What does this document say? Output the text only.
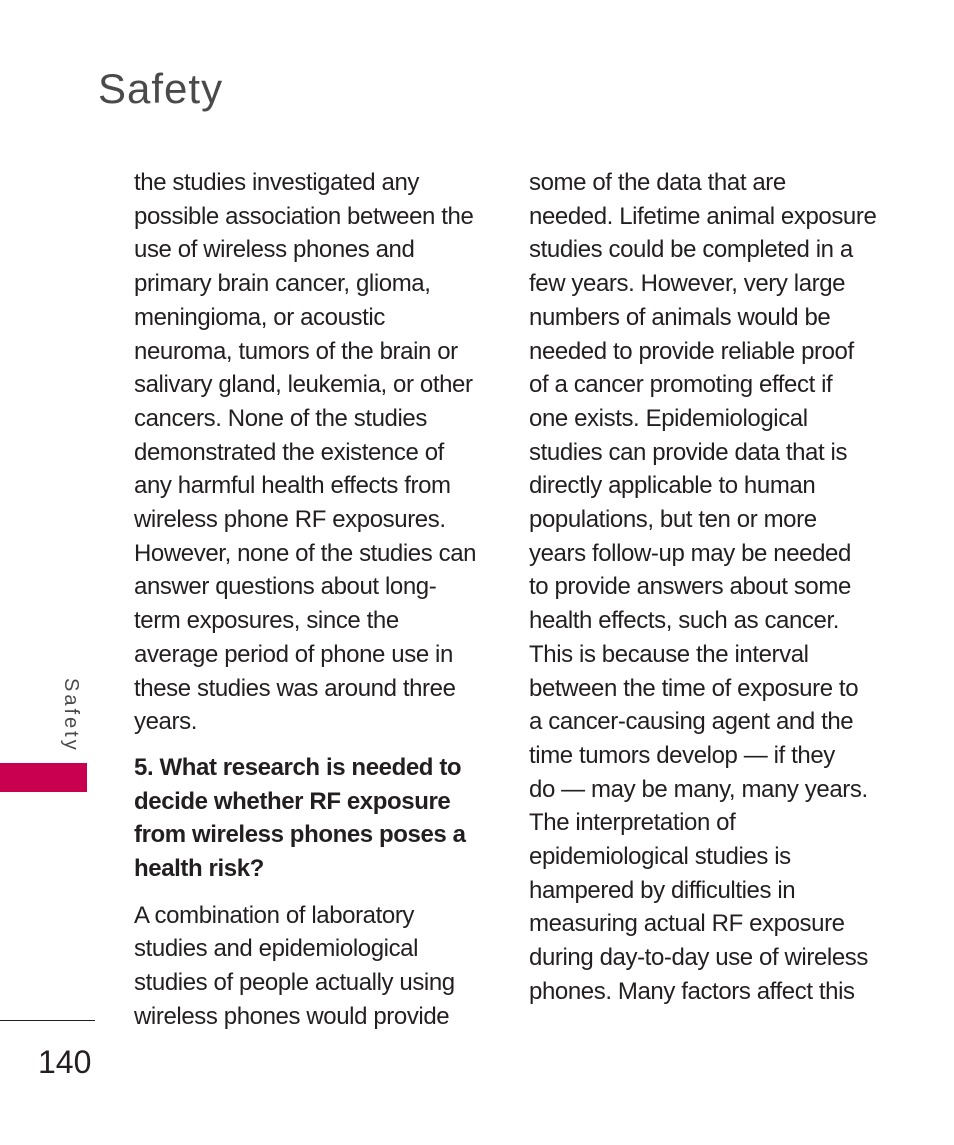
Safety

the studies investigated any
possible association between the
use of wireless phones and
primary brain cancer, glioma,
meningioma, or acoustic
neuroma, tumors of the brain or
salivary gland, leukemia, or other
cancers. None of the studies
demonstrated the existence of
any harmful health effects from
wireless phone RF exposures.
However, none of the studies can
answer questions about long-
term exposures, since the
average period of phone use in
these studies was around three
years.

5. What research is needed to
decide whether RF exposure
from wireless phones poses a
health risk?

A combination of laboratory
studies and epidemiological
studies of people actually using
wireless phones would provide

some of the data that are
needed. Lifetime animal exposure
studies could be completed in a
few years. However, very large
numbers of animals would be
needed to provide reliable proof
of a cancer promoting effect if
one exists. Epidemiological
studies can provide data that is
directly applicable to human
populations, but ten or more
years follow-up may be needed
to provide answers about some
health effects, such as cancer.
This is because the interval
between the time of exposure to
a cancer-causing agent and the
time tumors develop — if they
do — may be many, many years.
The interpretation of
epidemiological studies is
hampered by difficulties in
measuring actual RF exposure
during day-to-day use of wireless
phones. Many factors affect this

Safety
140
